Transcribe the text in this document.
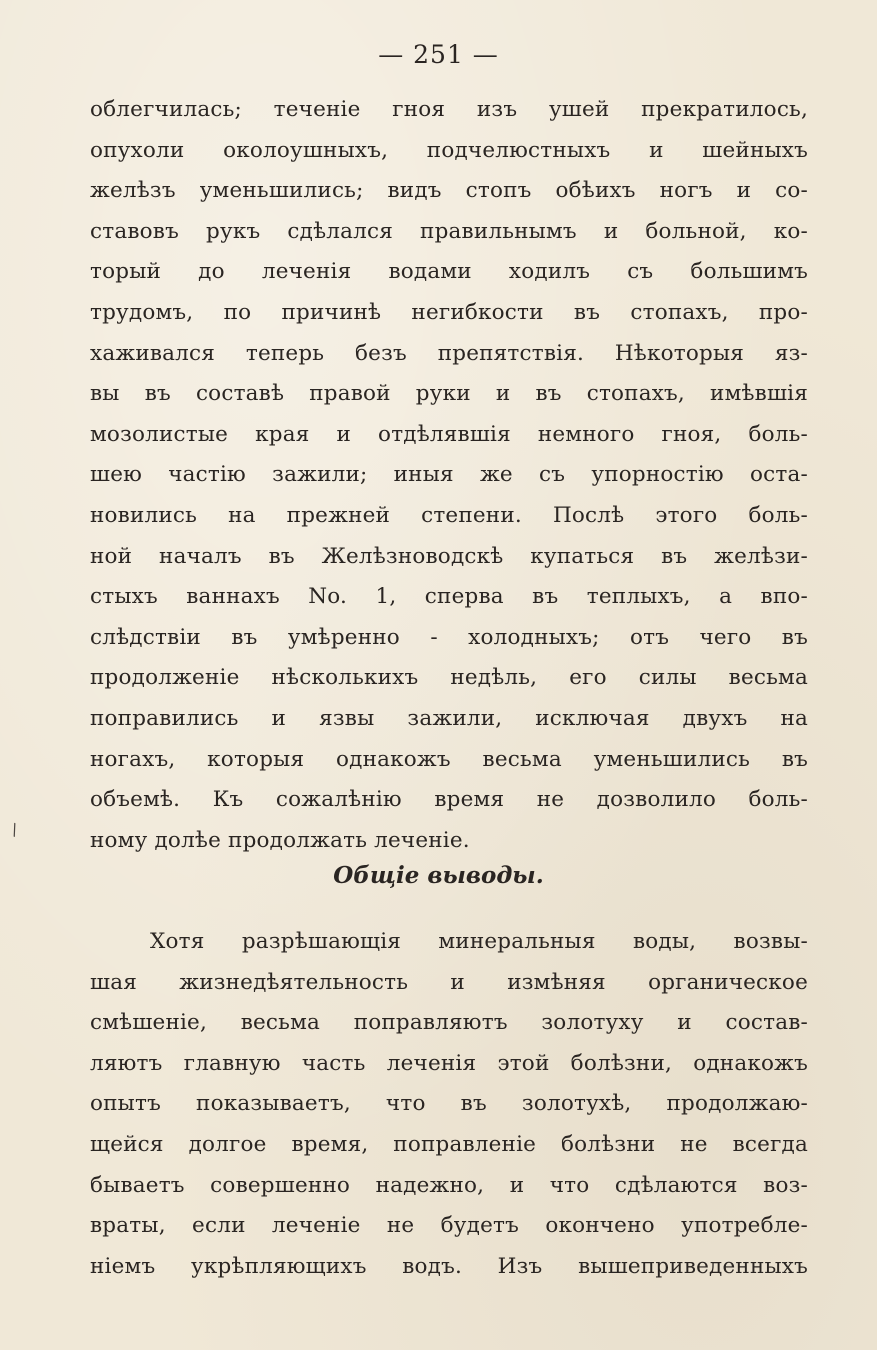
— 251 —
облегчилась; теченіе гноя изъ ушей прекратилось,
опухоли околоушныхъ, подчелюстныхъ и шейныхъ
желѣзъ уменьшились; видъ стопъ обѣихъ ногъ и со-
ставовъ рукъ сдѣлался правильнымъ и больной, ко-
торый до леченія водами ходилъ съ большимъ
трудомъ, по причинѣ негибкости въ стопахъ, про-
хаживался теперь безъ препятствія. Нѣкоторыя яз-
вы въ составѣ правой руки и въ стопахъ, имѣвшія
мозолистые края и отдѣлявшія немного гноя, боль-
шею частію зажили; иныя же съ упорностію оста-
новились на прежней степени. Послѣ этого боль-
ной началъ въ Желѣзноводскѣ купаться въ желѣзи-
стыхъ ваннахъ No. 1, сперва въ теплыхъ, а впо-
слѣдствіи въ умѣренно - холодныхъ; отъ чего въ
продолженіе нѣсколькихъ недѣль, его силы весьма
поправились и язвы зажили, исключая двухъ на
ногахъ, которыя однакожъ весьма уменьшились въ
объемѣ. Къ сожалѣнію время не дозволило боль-
ному долѣе продолжать леченіе.
\
Общіе выводы.
Хотя разрѣшающія минеральныя воды, возвы-
шая жизнедѣятельность и измѣняя органическое
смѣшеніе, весьма поправляютъ золотуху и состав-
ляютъ главную часть леченія этой болѣзни, однакожъ
опытъ показываетъ, что въ золотухѣ, продолжаю-
щейся долгое время, поправленіе болѣзни не всегда
бываетъ совершенно надежно, и что сдѣлаются воз-
враты, если леченіе не будетъ окончено употребле-
ніемъ укрѣпляющихъ водъ. Изъ вышеприведенныхъ
